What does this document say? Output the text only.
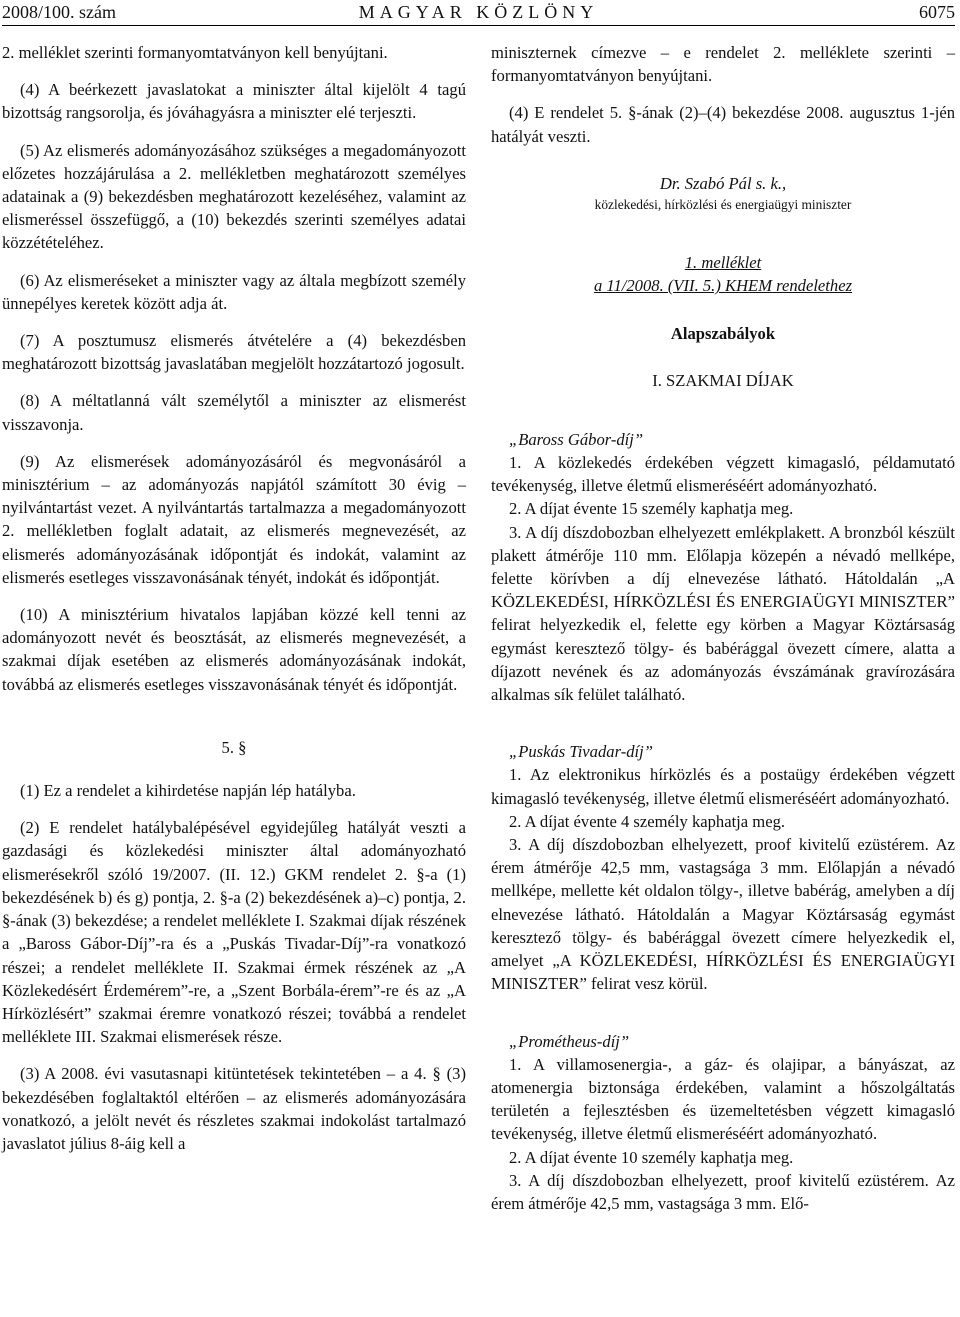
2008/100. szám	MAGYAR KÖZLÖNY	6075

2. melléklet szerinti formanyomtatványon kell benyújtani.

(4) A beérkezett javaslatokat a miniszter által kijelölt 4 tagú bizottság rangsorolja, és jóváhagyásra a miniszter elé terjeszti.

(5) Az elismerés adományozásához szükséges a megadományozott előzetes hozzájárulása a 2. mellékletben meghatározott személyes adatainak a (9) bekezdésben meghatározott kezeléséhez, valamint az elismeréssel összefüggő, a (10) bekezdés szerinti személyes adatai közzétételéhez.

(6) Az elismeréseket a miniszter vagy az általa megbízott személy ünnepélyes keretek között adja át.

(7) A posztumusz elismerés átvételére a (4) bekezdésben meghatározott bizottság javaslatában megjelölt hozzátartozó jogosult.

(8) A méltatlanná vált személytől a miniszter az elismerést visszavonja.

(9) Az elismerések adományozásáról és megvonásáról a minisztérium – az adományozás napjától számított 30 évig – nyilvántartást vezet. A nyilvántartás tartalmazza a megadományozott 2. mellékletben foglalt adatait, az elismerés megnevezését, az elismerés adományozásának időpontját és indokát, valamint az elismerés esetleges visszavonásának tényét, indokát és időpontját.

(10) A minisztérium hivatalos lapjában közzé kell tenni az adományozott nevét és beosztását, az elismerés megnevezését, a szakmai díjak esetében az elismerés adományozásának indokát, továbbá az elismerés esetleges visszavonásának tényét és időpontját.

5. §

(1) Ez a rendelet a kihirdetése napján lép hatályba.

(2) E rendelet hatálybalépésével egyidejűleg hatályát veszti a gazdasági és közlekedési miniszter által adományozható elismerésekről szóló 19/2007. (II. 12.) GKM rendelet 2. §-a (1) bekezdésének b) és g) pontja, 2. §-a (2) bekezdésének a)–c) pontja, 2. §-ának (3) bekezdése; a rendelet melléklete I. Szakmai díjak részének a „Baross Gábor-Díj”-ra és a „Puskás Tivadar-Díj”-ra vonatkozó részei; a rendelet melléklete II. Szakmai érmek részének az „A Közlekedésért Érdemérem”-re, a „Szent Borbála-érem”-re és az „A Hírközlésért” szakmai éremre vonatkozó részei; továbbá a rendelet melléklete III. Szakmai elismerések része.

(3) A 2008. évi vasutasnapi kitüntetések tekintetében – a 4. § (3) bekezdésében foglaltaktól eltérően – az elismerés adományozására vonatkozó, a jelölt nevét és részletes szakmai indokolást tartalmazó javaslatot július 8-áig kell a

miniszternek címezve – e rendelet 2. melléklete szerinti – formanyomtatványon benyújtani.

(4) E rendelet 5. §-ának (2)–(4) bekezdése 2008. augusztus 1-jén hatályát veszti.

Dr. Szabó Pál s. k.,

közlekedési, hírközlési és energiaügyi miniszter

1. melléklet

a 11/2008. (VII. 5.) KHEM rendelethez

Alapszabályok

I. SZAKMAI DÍJAK

„Baross Gábor-díj”

1. A közlekedés érdekében végzett kimagasló, példamutató tevékenység, illetve életmű elismeréséért adományozható.

2. A díjat évente 15 személy kaphatja meg.

3. A díj díszdobozban elhelyezett emlékplakett. A bronzból készült plakett átmérője 110 mm. Előlapja közepén a névadó mellképe, felette körívben a díj elnevezése látható. Hátoldalán „A KÖZLEKEDÉSI, HÍRKÖZLÉSI ÉS ENERGIAÜGYI MINISZTER” felirat helyezkedik el, felette egy körben a Magyar Köztársaság egymást keresztező tölgy- és babérággal övezett címere, alatta a díjazott nevének és az adományozás évszámának gravírozására alkalmas sík felület található.

„Puskás Tivadar-díj”

1. Az elektronikus hírközlés és a postaügy érdekében végzett kimagasló tevékenység, illetve életmű elismeréséért adományozható.

2. A díjat évente 4 személy kaphatja meg.

3. A díj díszdobozban elhelyezett, proof kivitelű ezüstérem. Az érem átmérője 42,5 mm, vastagsága 3 mm. Előlapján a névadó mellképe, mellette két oldalon tölgy-, illetve babérág, amelyben a díj elnevezése látható. Hátoldalán a Magyar Köztársaság egymást keresztező tölgy- és babérággal övezett címere helyezkedik el, amelyet „A KÖZLEKEDÉSI, HÍRKÖZLÉSI ÉS ENERGIAÜGYI MINISZTER” felirat vesz körül.

„Prométheus-díj”

1. A villamosenergia-, a gáz- és olajipar, a bányászat, az atomenergia biztonsága érdekében, valamint a hőszolgáltatás területén a fejlesztésben és üzemeltetésben végzett kimagasló tevékenység, illetve életmű elismeréséért adományozható.

2. A díjat évente 10 személy kaphatja meg.

3. A díj díszdobozban elhelyezett, proof kivitelű ezüstérem. Az érem átmérője 42,5 mm, vastagsága 3 mm. Elő-
